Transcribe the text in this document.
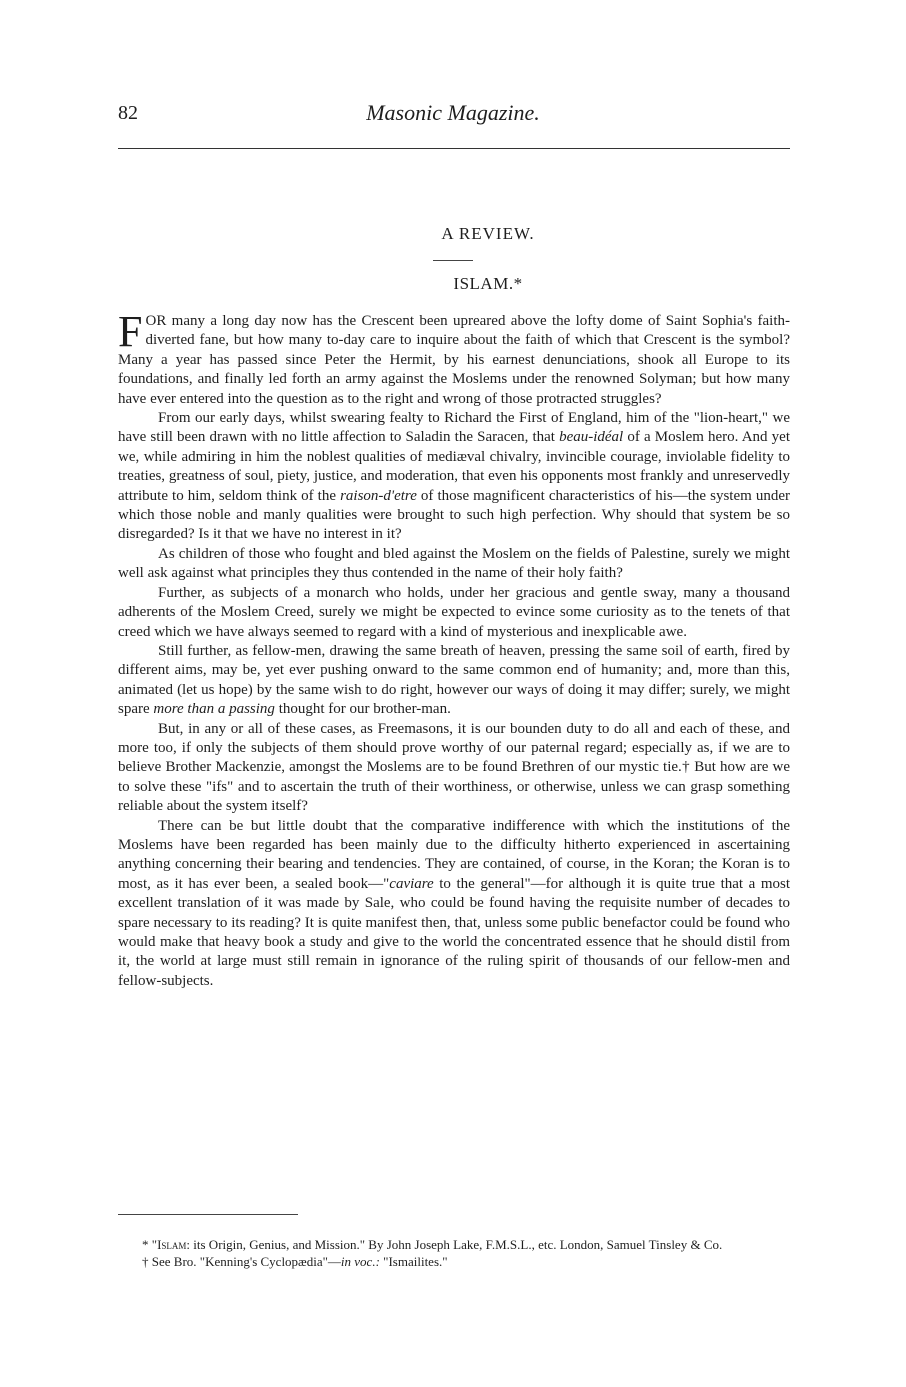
82	Masonic Magazine.
A REVIEW.
ISLAM.*

FOR many a long day now has the Crescent been upreared above the lofty dome of Saint Sophia's faith-diverted fane, but how many to-day care to inquire about the faith of which that Crescent is the symbol? Many a year has passed since Peter the Hermit, by his earnest denunciations, shook all Europe to its foundations, and finally led forth an army against the Moslems under the renowned Solyman; but how many have ever entered into the question as to the right and wrong of those protracted struggles?

From our early days, whilst swearing fealty to Richard the First of England, him of the "lion-heart," we have still been drawn with no little affection to Saladin the Saracen, that beau-idéal of a Moslem hero. And yet we, while admiring in him the noblest qualities of mediæval chivalry, invincible courage, inviolable fidelity to treaties, greatness of soul, piety, justice, and moderation, that even his opponents most frankly and unreservedly attribute to him, seldom think of the raison-d'etre of those magnificent characteristics of his—the system under which those noble and manly qualities were brought to such high perfection. Why should that system be so disregarded? Is it that we have no interest in it?

As children of those who fought and bled against the Moslem on the fields of Palestine, surely we might well ask against what principles they thus contended in the name of their holy faith?

Further, as subjects of a monarch who holds, under her gracious and gentle sway, many a thousand adherents of the Moslem Creed, surely we might be expected to evince some curiosity as to the tenets of that creed which we have always seemed to regard with a kind of mysterious and inexplicable awe.

Still further, as fellow-men, drawing the same breath of heaven, pressing the same soil of earth, fired by different aims, may be, yet ever pushing onward to the same common end of humanity; and, more than this, animated (let us hope) by the same wish to do right, however our ways of doing it may differ; surely, we might spare more than a passing thought for our brother-man.

But, in any or all of these cases, as Freemasons, it is our bounden duty to do all and each of these, and more too, if only the subjects of them should prove worthy of our paternal regard; especially as, if we are to believe Brother Mackenzie, amongst the Moslems are to be found Brethren of our mystic tie.† But how are we to solve these "ifs" and to ascertain the truth of their worthiness, or otherwise, unless we can grasp something reliable about the system itself?

There can be but little doubt that the comparative indifference with which the institutions of the Moslems have been regarded has been mainly due to the difficulty hitherto experienced in ascertaining anything concerning their bearing and tendencies. They are contained, of course, in the Koran; the Koran is to most, as it has ever been, a sealed book—"caviare to the general"—for although it is quite true that a most excellent translation of it was made by Sale, who could be found having the requisite number of decades to spare necessary to its reading? It is quite manifest then, that, unless some public benefactor could be found who would make that heavy book a study and give to the world the concentrated essence that he should distil from it, the world at large must still remain in ignorance of the ruling spirit of thousands of our fellow-men and fellow-subjects.

* "Islam: its Origin, Genius, and Mission." By John Joseph Lake, F.M.S.L., etc. London, Samuel Tinsley & Co.

† See Bro. "Kenning's Cyclopædia"—in voc.: "Ismailites."
